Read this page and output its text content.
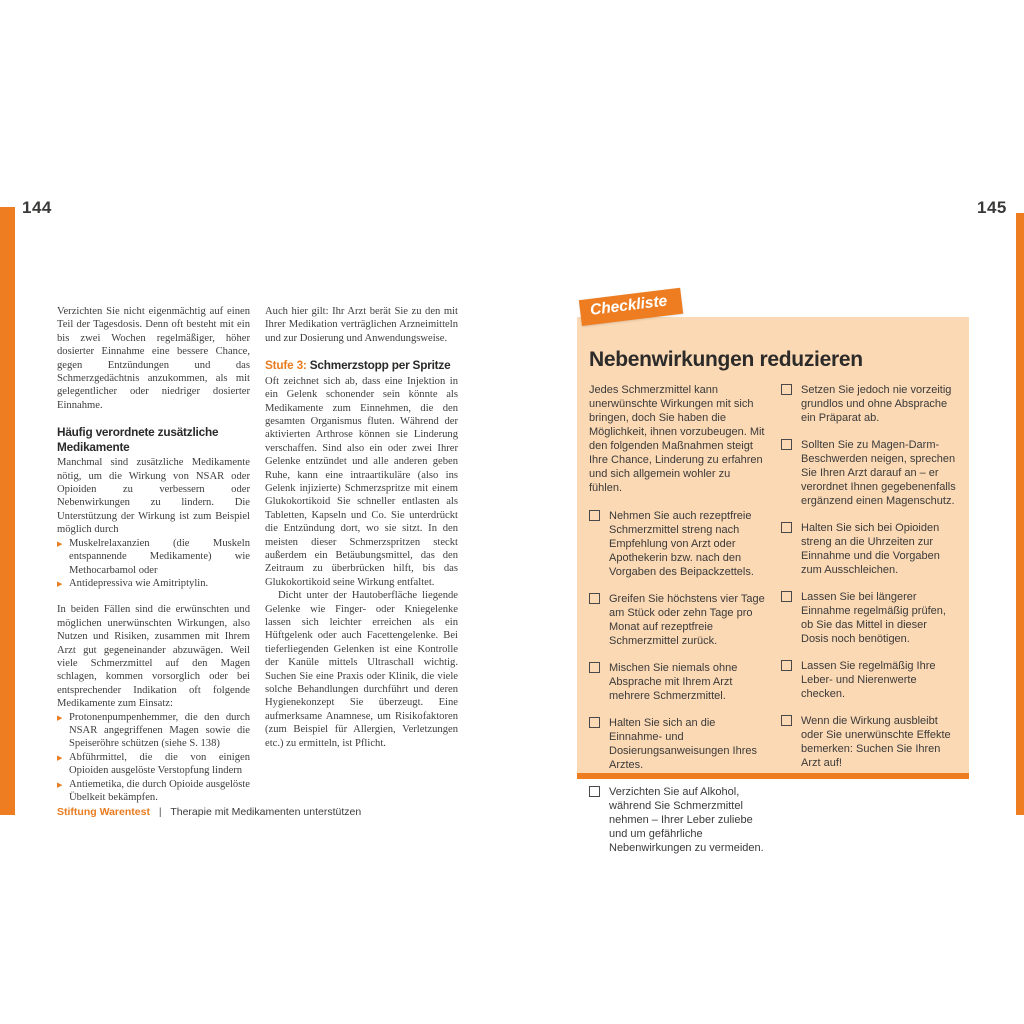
144	145

Verzichten Sie nicht eigenmächtig auf einen Teil der Tagesdosis. Denn oft besteht mit ein bis zwei Wochen regelmäßiger, höher dosierter Einnahme eine bessere Chance, gegen Entzündungen und das Schmerzgedächtnis anzukommen, als mit gelegentlicher oder niedriger dosierter Einnahme.

Häufig verordnete zusätzliche Medikamente

Manchmal sind zusätzliche Medikamente nötig, um die Wirkung von NSAR oder Opioiden zu verbessern oder Nebenwirkungen zu lindern. Die Unterstützung der Wirkung ist zum Beispiel möglich durch

▶ Muskelrelaxanzien (die Muskeln entspannende Medikamente) wie Methocarbamol oder
▶ Antidepressiva wie Amitriptylin.

In beiden Fällen sind die erwünschten und möglichen unerwünschten Wirkungen, also Nutzen und Risiken, zusammen mit Ihrem Arzt gut gegeneinander abzuwägen. Weil viele Schmerzmittel auf den Magen schlagen, kommen vorsorglich oder bei entsprechender Indikation oft folgende Medikamente zum Einsatz:

▶ Protonenpumpenhemmer, die den durch NSAR angegriffenen Magen sowie die Speiseröhre schützen (siehe S. 138)
▶ Abführmittel, die die von einigen Opioiden ausgelöste Verstopfung lindern
▶ Antiemetika, die durch Opioide ausgelöste Übelkeit bekämpfen.

Auch hier gilt: Ihr Arzt berät Sie zu den mit Ihrer Medikation verträglichen Arzneimitteln und zur Dosierung und Anwendungsweise.

Stufe 3: Schmerzstopp per Spritze

Oft zeichnet sich ab, dass eine Injektion in ein Gelenk schonender sein könnte als Medikamente zum Einnehmen, die den gesamten Organismus fluten. Während der aktivierten Arthrose können sie Linderung verschaffen. Sind also ein oder zwei Ihrer Gelenke entzündet und alle anderen geben Ruhe, kann eine intraartikuläre (also ins Gelenk injizierte) Schmerzspritze mit einem Glukokortikoid Sie schneller entlasten als Tabletten, Kapseln und Co. Sie unterdrückt die Entzündung dort, wo sie sitzt. In den meisten dieser Schmerzspritzen steckt außerdem ein Betäubungsmittel, das den Zeitraum zu überbrücken hilft, bis das Glukokortikoid seine Wirkung entfaltet.

Dicht unter der Hautoberfläche liegende Gelenke wie Finger- oder Kniegelenke lassen sich leichter erreichen als ein Hüftgelenk oder auch Facettengelenke. Bei tieferliegenden Gelenken ist eine Kontrolle der Kanüle mittels Ultraschall wichtig. Suchen Sie eine Praxis oder Klinik, die viele solche Behandlungen durchführt und deren Hygienekonzept Sie überzeugt. Eine aufmerksame Anamnese, um Risikofaktoren (zum Beispiel für Allergien, Verletzungen etc.) zu ermitteln, ist Pflicht.

Stiftung Warentest | Therapie mit Medikamenten unterstützen
Checkliste
Nebenwirkungen reduzieren

Jedes Schmerzmittel kann unerwünschte Wirkungen mit sich bringen, doch Sie haben die Möglichkeit, ihnen vorzubeugen. Mit den folgenden Maßnahmen steigt Ihre Chance, Linderung zu erfahren und sich allgemein wohler zu fühlen.

Nehmen Sie auch rezeptfreie Schmerzmittel streng nach Empfehlung von Arzt oder Apothekerin bzw. nach den Vorgaben des Beipackzettels.
Greifen Sie höchstens vier Tage am Stück oder zehn Tage pro Monat auf rezeptfreie Schmerzmittel zurück.
Mischen Sie niemals ohne Absprache mit Ihrem Arzt mehrere Schmerzmittel.
Halten Sie sich an die Einnahme- und Dosierungsanweisungen Ihres Arztes.
Verzichten Sie auf Alkohol, während Sie Schmerzmittel nehmen – Ihrer Leber zuliebe und um gefährliche Nebenwirkungen zu vermeiden.
Setzen Sie jedoch nie vorzeitig grundlos und ohne Absprache ein Präparat ab.
Sollten Sie zu Magen-Darm-Beschwerden neigen, sprechen Sie Ihren Arzt darauf an – er verordnet Ihnen gegebenenfalls ergänzend einen Magenschutz.
Halten Sie sich bei Opioiden streng an die Uhrzeiten zur Einnahme und die Vorgaben zum Ausschleichen.
Lassen Sie bei längerer Einnahme regelmäßig prüfen, ob Sie das Mittel in dieser Dosis noch benötigen.
Lassen Sie regelmäßig Ihre Leber- und Nierenwerte checken.
Wenn die Wirkung ausbleibt oder Sie unerwünschte Effekte bemerken: Suchen Sie Ihren Arzt auf!
